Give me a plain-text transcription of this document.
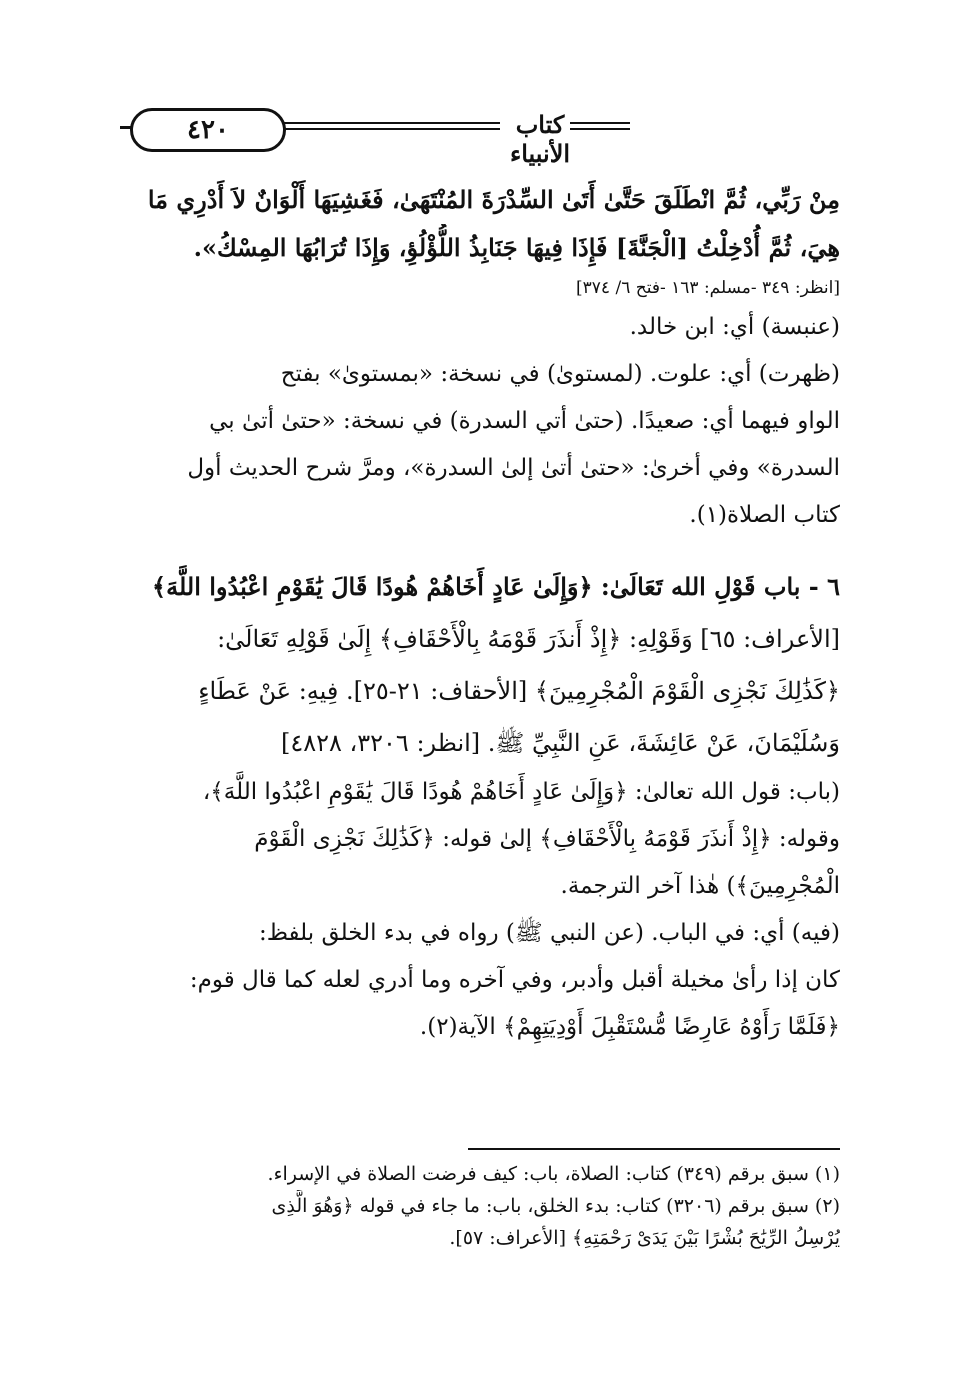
٤٢٠	كتاب الأنبياء
مِنْ رَبِّي، ثُمَّ انْطَلَقَ حَتَّىٰ أَتَىٰ السِّدْرَةَ المُنْتَهَىٰ، فَغَشِيَهَا أَلْوَانٌ لاَ أَدْرِي مَا
هِيَ، ثُمَّ أُدْخِلْتُ [الْجَنَّةَ] فَإِذَا فِيهَا جَنَابِذُ اللُّؤْلُؤِ، وَإِذَا تُرَابُهَا المِسْكُ».
[انظر: ٣٤٩ -مسلم: ١٦٣ -فتح ٦/ ٣٧٤]
(عنبسة) أي: ابن خالد.
(ظهرت) أي: علوت. (لمستوىٰ) في نسخة: «بمستوىٰ» بفتح
الواو فيهما أي: صعيدًا. (حتىٰ أتي السدرة) في نسخة: «حتىٰ أتىٰ بي
السدرة» وفي أخرىٰ: «حتىٰ أتىٰ إلىٰ السدرة»، ومرَّ شرح الحديث أول
كتاب الصلاة(١).
٦ - باب قَوْلِ الله تَعَالَىٰ: ﴿وَإِلَىٰ عَادٍ أَخَاهُمْ هُودًا قَالَ يَٰقَوْمِ اعْبُدُوا اللَّهَ﴾
[الأعراف: ٦٥] وَقَوْلِهِ: ﴿إِذْ أَنذَرَ قَوْمَهُ بِالْأَحْقَافِ﴾ إِلَىٰ قَوْلِهِ تَعَالَىٰ:
﴿كَذَٰلِكَ نَجْزِى الْقَوْمَ الْمُجْرِمِينَ﴾ [الأحقاف: ٢١-٢٥]. فِيهِ: عَنْ عَطَاءٍ
وَسُلَيْمَانَ، عَنْ عَائِشَةَ، عَنِ النَّبِيِّ ﷺ. [انظر: ٣٢٠٦، ٤٨٢٨]
(باب: قول الله تعالىٰ: ﴿وَإِلَىٰ عَادٍ أَخَاهُمْ هُودًا قَالَ يَٰقَوْمِ اعْبُدُوا اللَّهَ﴾،
وقوله: ﴿إِذْ أَنذَرَ قَوْمَهُ بِالْأَحْقَافِ﴾ إلىٰ قوله: ﴿كَذَٰلِكَ نَجْزِى الْقَوْمَ
الْمُجْرِمِينَ﴾) هٰذا آخر الترجمة.
(فيه) أي: في الباب. (عن النبي ﷺ) رواه في بدء الخلق بلفظ:
كان إذا رأىٰ مخيلة أقبل وأدبر، وفي آخره وما أدري لعله كما قال قوم:
﴿فَلَمَّا رَأَوْهُ عَارِضًا مُّسْتَقْبِلَ أَوْدِيَتِهِمْ﴾ الآية(٢).
(١) سبق برقم (٣٤٩) كتاب: الصلاة، باب: كيف فرضت الصلاة في الإسراء.
(٢) سبق برقم (٣٢٠٦) كتاب: بدء الخلق، باب: ما جاء في قوله ﴿وَهُوَ الَّذِى
يُرْسِلُ الرِّيَٰحَ بُشْرًا بَيْنَ يَدَىْ رَحْمَتِهِ﴾ [الأعراف: ٥٧].
